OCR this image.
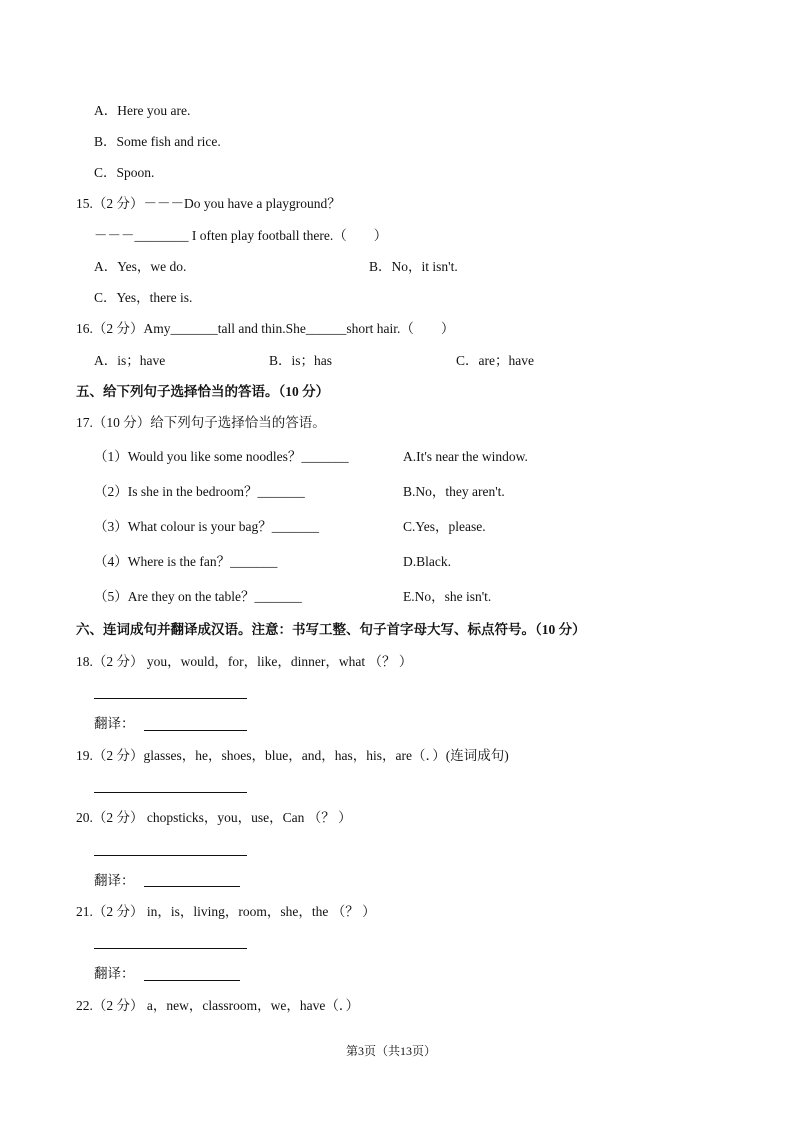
A．Here you are.
B．Some fish and rice.
C．Spoon.
15.（2 分）－－－Do you have a playground？
－－－________ I often play football there.（　　）
A．Yes，we do.	B．No，it isn't.
C．Yes，there is.
16.（2 分）Amy_______tall and thin.She______short hair.（　　）
A．is；have	B．is；has	C．are；have
五、给下列句子选择恰当的答语。（10 分）
17.（10 分）给下列句子选择恰当的答语。
（1）Would you like some noodles？_______	A.It's near the window.
（2）Is she in the bedroom？_______	B.No，they aren't.
（3）What colour is your bag？_______	C.Yes，please.
（4）Where is the fan？_______	D.Black.
（5）Are they on the table？_______	E.No，she isn't.
六、连词成句并翻译成汉语。注意：书写工整、句子首字母大写、标点符号。（10 分）
18.（2 分） you，would，for，like，dinner，what （？ ）
翻译：
19.（2 分）glasses，he，shoes，blue，and，has，his，are（．）(连词成句)
20.（2 分） chopsticks，you，use，Can （？ ）
翻译：
21.（2 分） in，is，living，room，she，the （？ ）
翻译：
22.（2 分） a，new，classroom，we，have（．）
第3页（共13页）
